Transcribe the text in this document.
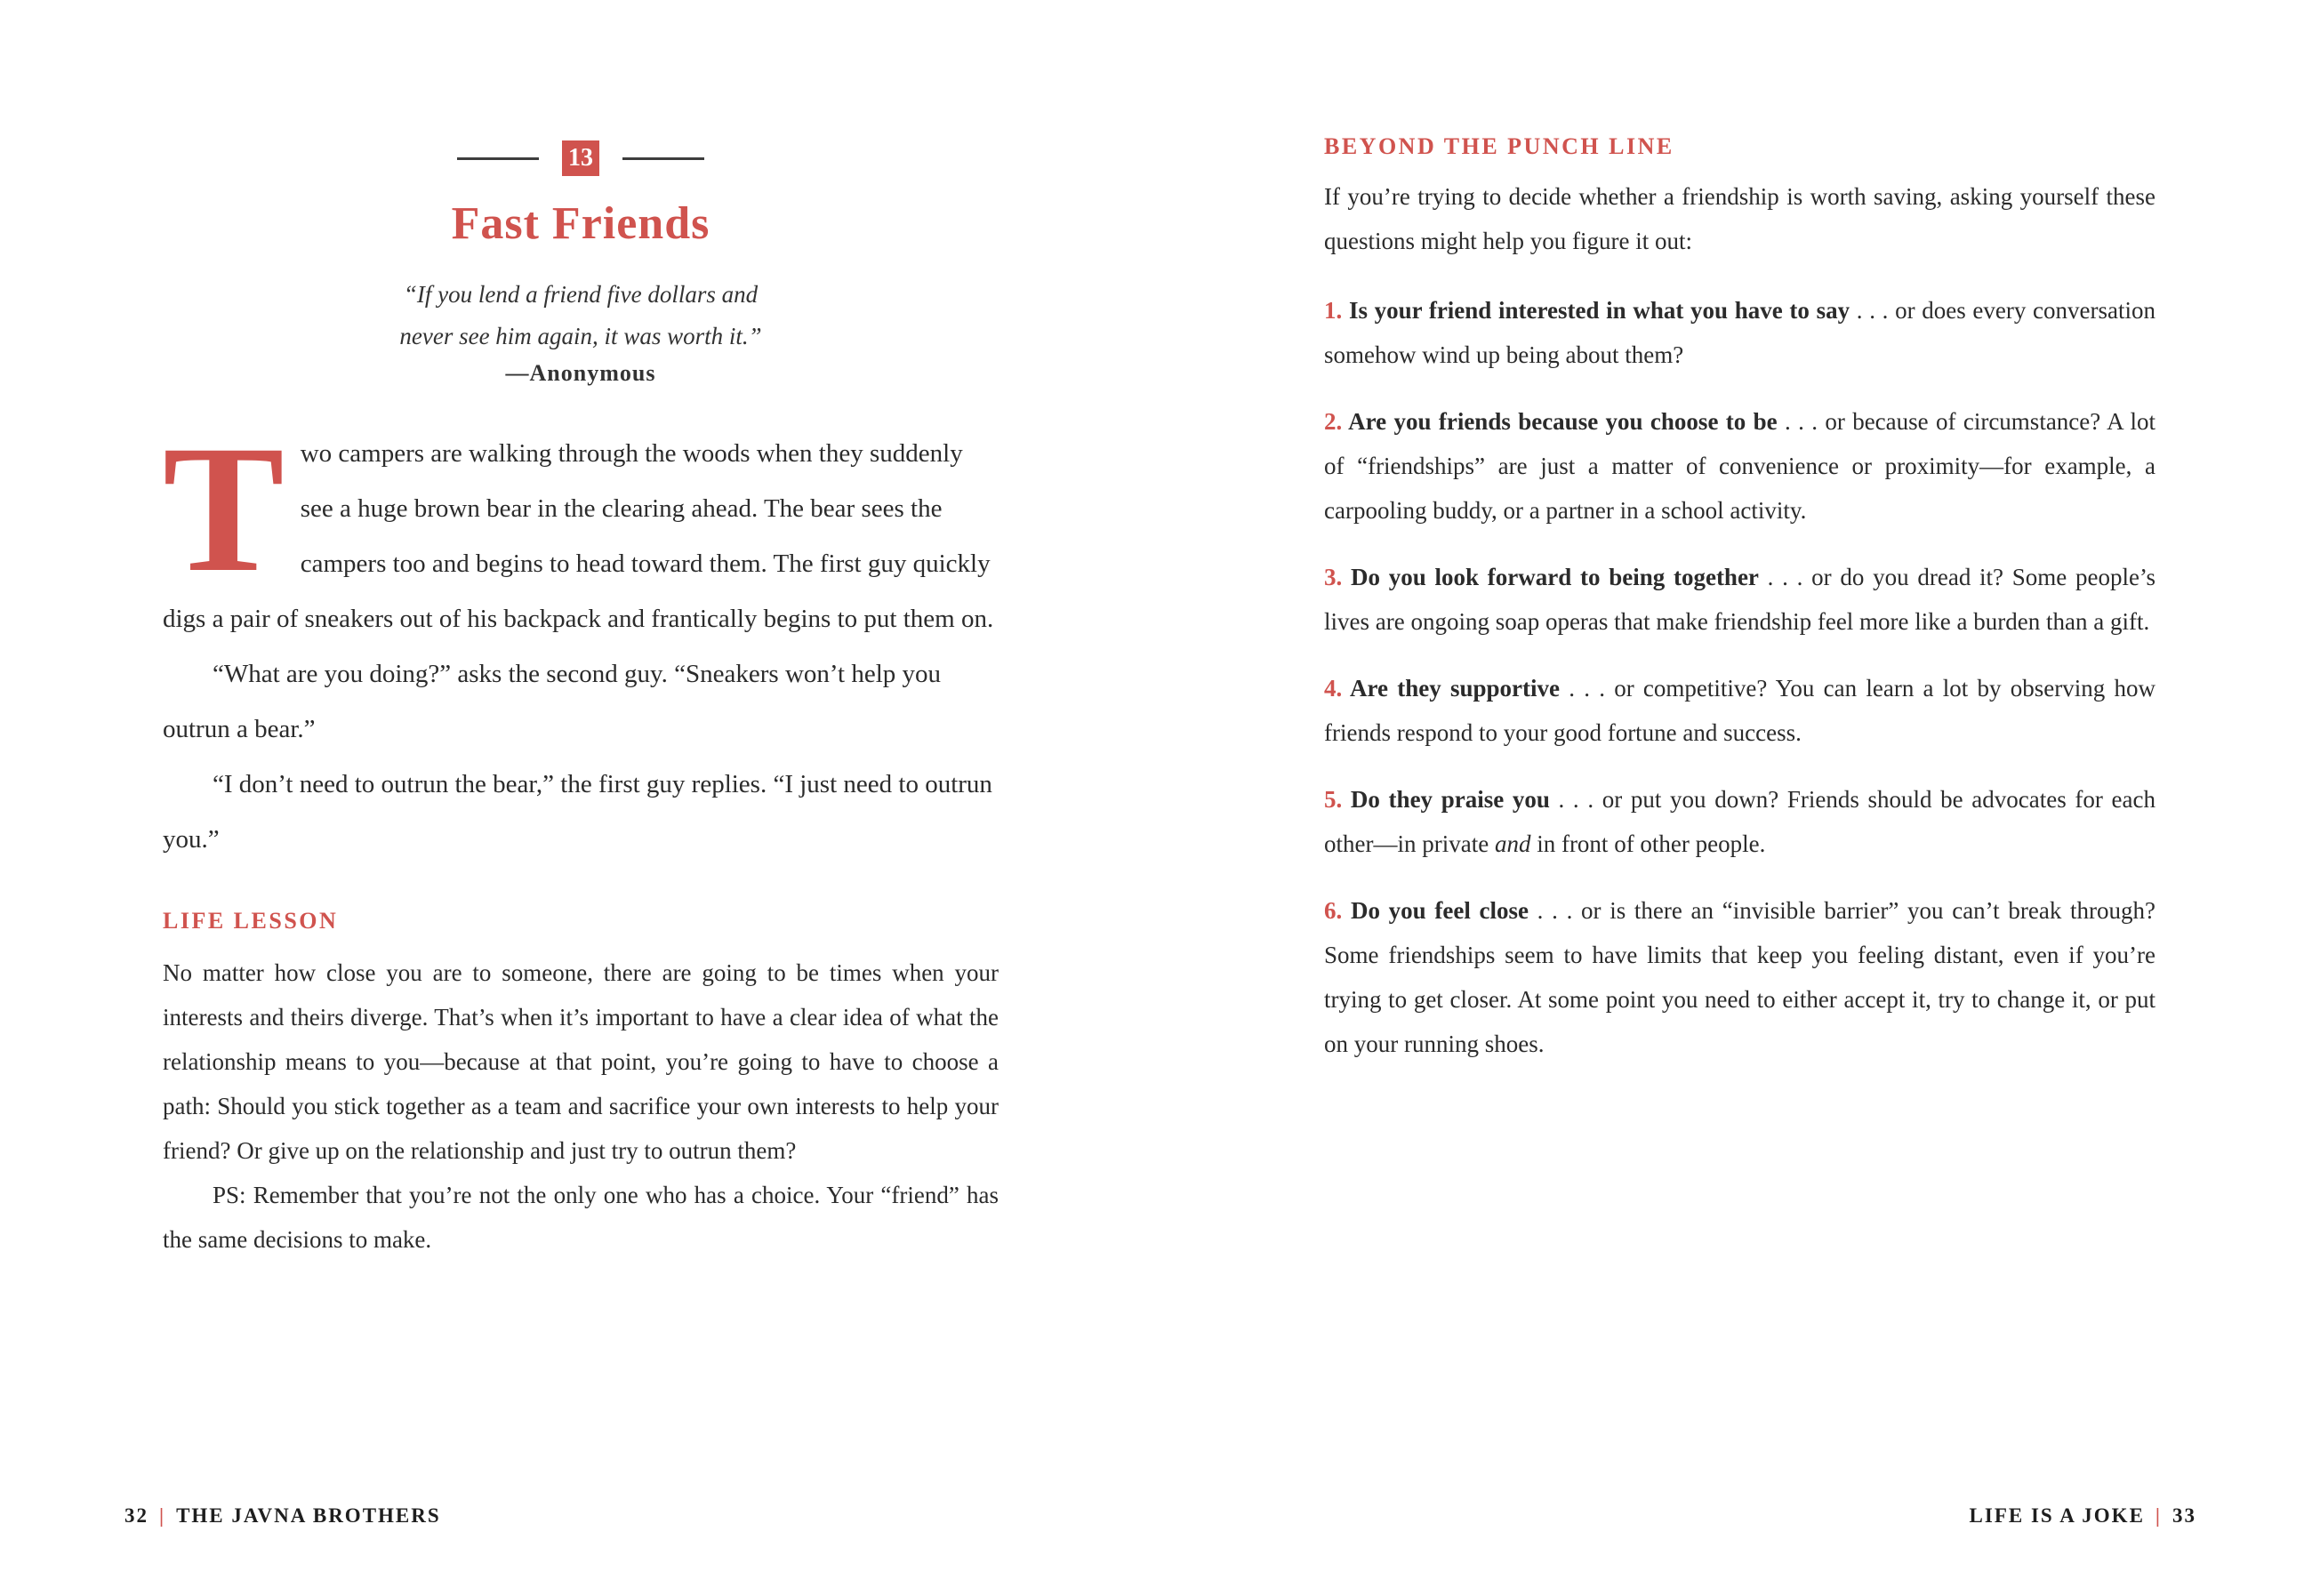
13
Fast Friends
“If you lend a friend five dollars and
never see him again, it was worth it.”
—Anonymous

Two campers are walking through the woods when they suddenly see a huge brown bear in the clearing ahead. The bear sees the campers too and begins to head toward them. The first guy quickly digs a pair of sneakers out of his backpack and frantically begins to put them on.

“What are you doing?” asks the second guy. “Sneakers won’t help you outrun a bear.”

“I don’t need to outrun the bear,” the first guy replies. “I just need to outrun you.”

LIFE LESSON

No matter how close you are to someone, there are going to be times when your interests and theirs diverge. That’s when it’s important to have a clear idea of what the relationship means to you—because at that point, you’re going to have to choose a path: Should you stick together as a team and sacrifice your own interests to help your friend? Or give up on the relationship and just try to outrun them?

PS: Remember that you’re not the only one who has a choice. Your “friend” has the same decisions to make.

BEYOND THE PUNCH LINE

If you’re trying to decide whether a friendship is worth saving, asking yourself these questions might help you figure it out:

1. Is your friend interested in what you have to say . . . or does every conversation somehow wind up being about them?
2. Are you friends because you choose to be . . . or because of circumstance? A lot of “friendships” are just a matter of convenience or proximity—for example, a carpooling buddy, or a partner in a school activity.
3. Do you look forward to being together . . . or do you dread it? Some people’s lives are ongoing soap operas that make friendship feel more like a burden than a gift.
4. Are they supportive . . . or competitive? You can learn a lot by observing how friends respond to your good fortune and success.
5. Do they praise you . . . or put you down? Friends should be advocates for each other—in private and in front of other people.
6. Do you feel close . . . or is there an “invisible barrier” you can’t break through? Some friendships seem to have limits that keep you feeling distant, even if you’re trying to get closer. At some point you need to either accept it, try to change it, or put on your running shoes.
32 | THE JAVNA BROTHERS	LIFE IS A JOKE | 33
